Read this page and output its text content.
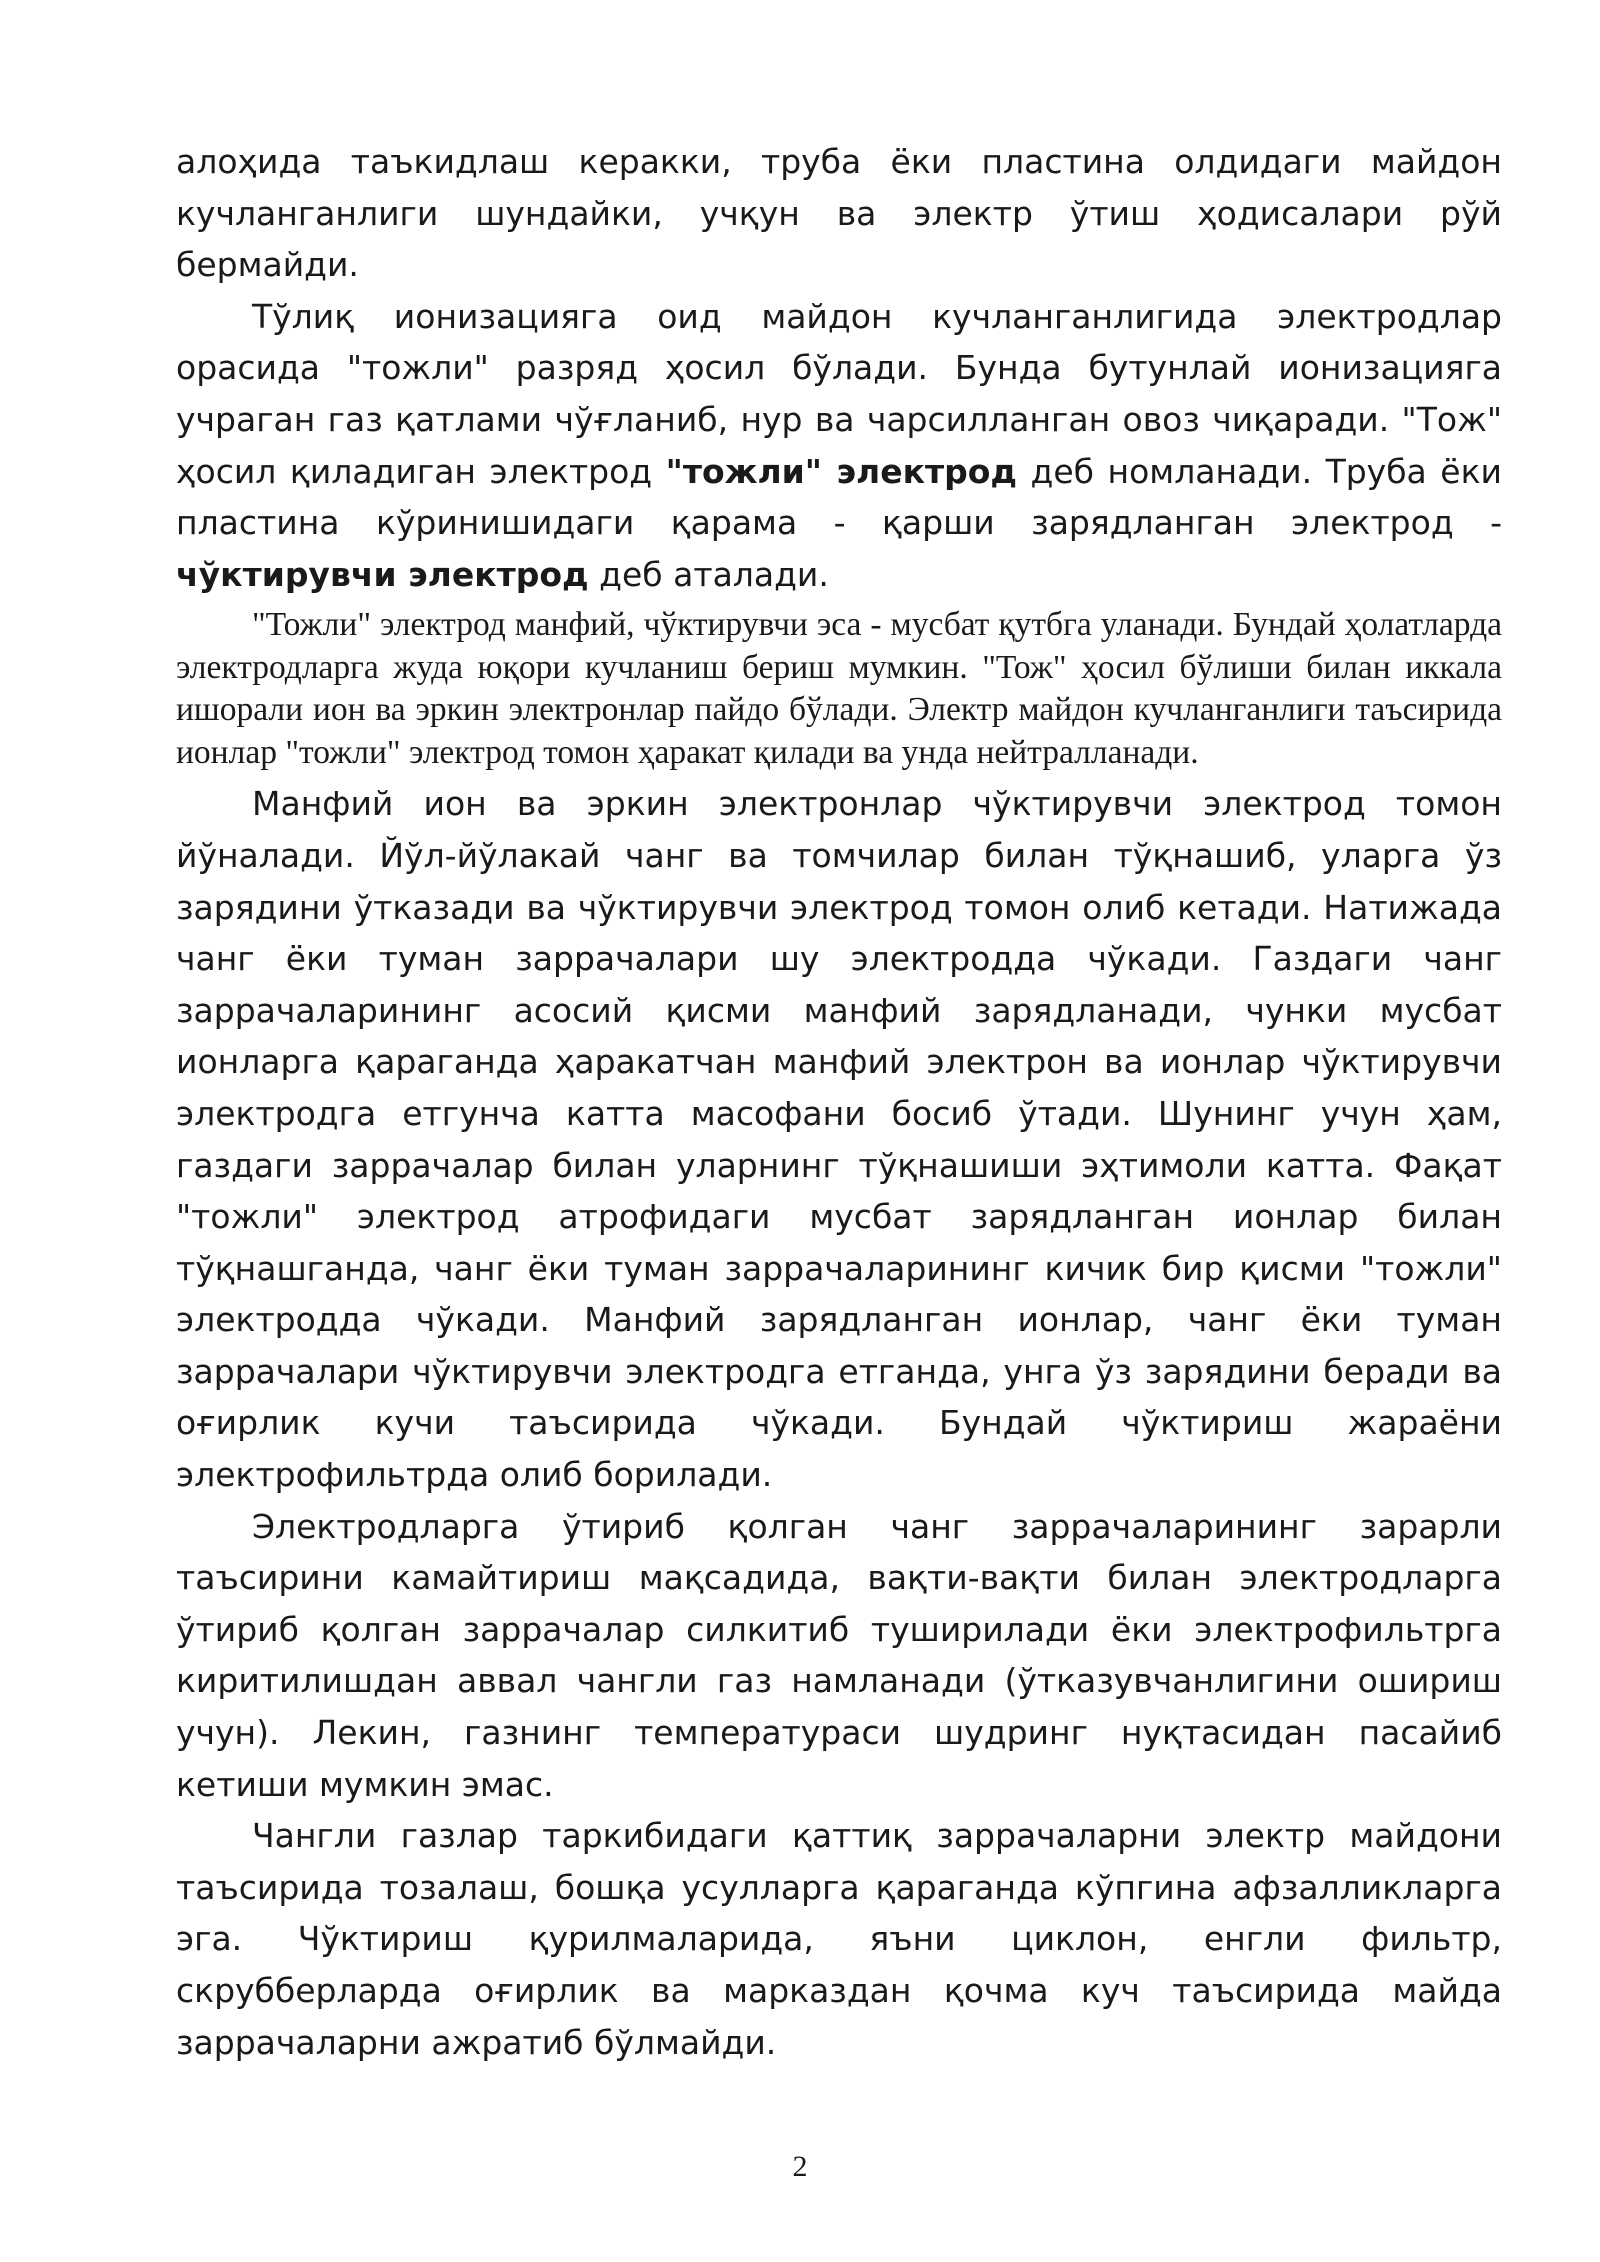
алоҳида таъкидлаш керакки, труба ёки пластина олдидаги майдон кучланганлиги шундайки, учқун ва электр ўтиш ҳодисалари рўй бермайди.

Тўлиқ ионизацияга оид майдон кучланганлигида электродлар орасида "тожли" разряд ҳосил бўлади. Бунда бутунлай ионизацияга учраган газ қатлами чўғланиб, нур ва чарсилланган овоз чиқаради. "Тож" ҳосил қиладиган электрод "тожли" электрод деб номланади. Труба ёки пластина кўринишидаги қарама - қарши зарядланган электрод - чўктирувчи электрод деб аталади.

"Тожли" электрод манфий, чўктирувчи эса - мусбат қутбга уланади. Бундай ҳолатларда электродларга жуда юқори кучланиш бериш мумкин. "Тож" ҳосил бўлиши билан иккала ишорали ион ва эркин электронлар пайдо бўлади. Электр майдон кучланганлиги таъсирида ионлар "тожли" электрод томон ҳаракат қилади ва унда нейтралланади.

Манфий ион ва эркин электронлар чўктирувчи электрод томон йўналади. Йўл-йўлакай чанг ва томчилар билан тўқнашиб, уларга ўз зарядини ўтказади ва чўктирувчи электрод томон олиб кетади. Натижада чанг ёки туман заррачалари шу электродда чўкади. Газдаги чанг заррачаларининг асосий қисми манфий зарядланади, чунки мусбат ионларга қараганда ҳаракатчан манфий электрон ва ионлар чўктирувчи электродга етгунча катта масофани босиб ўтади. Шунинг учун ҳам, газдаги заррачалар билан уларнинг тўқнашиши эҳтимоли катта. Фақат "тожли" электрод атрофидаги мусбат зарядланган ионлар билан тўқнашганда, чанг ёки туман заррачаларининг кичик бир қисми "тожли" электродда чўкади. Манфий зарядланган ионлар, чанг ёки туман заррачалари чўктирувчи электродга етганда, унга ўз зарядини беради ва оғирлик кучи таъсирида чўкади. Бундай чўктириш жараёни электрофильтрда олиб борилади.

Электродларга ўтириб қолган чанг заррачаларининг зарарли таъсирини камайтириш мақсадида, вақти-вақти билан электродларга ўтириб қолган заррачалар силкитиб туширилади ёки электрофильтрга киритилишдан аввал чангли газ намланади (ўтказувчанлигини ошириш учун). Лекин, газнинг температураси шудринг нуқтасидан пасайиб кетиши мумкин эмас.

Чангли газлар таркибидаги қаттиқ заррачаларни электр майдони таъсирида тозалаш, бошқа усулларга қараганда кўпгина афзалликларга эга. Чўктириш қурилмаларида, яъни циклон, енгли фильтр, скрубберларда оғирлик ва марказдан қочма куч таъсирида майда заррачаларни ажратиб бўлмайди.

2
